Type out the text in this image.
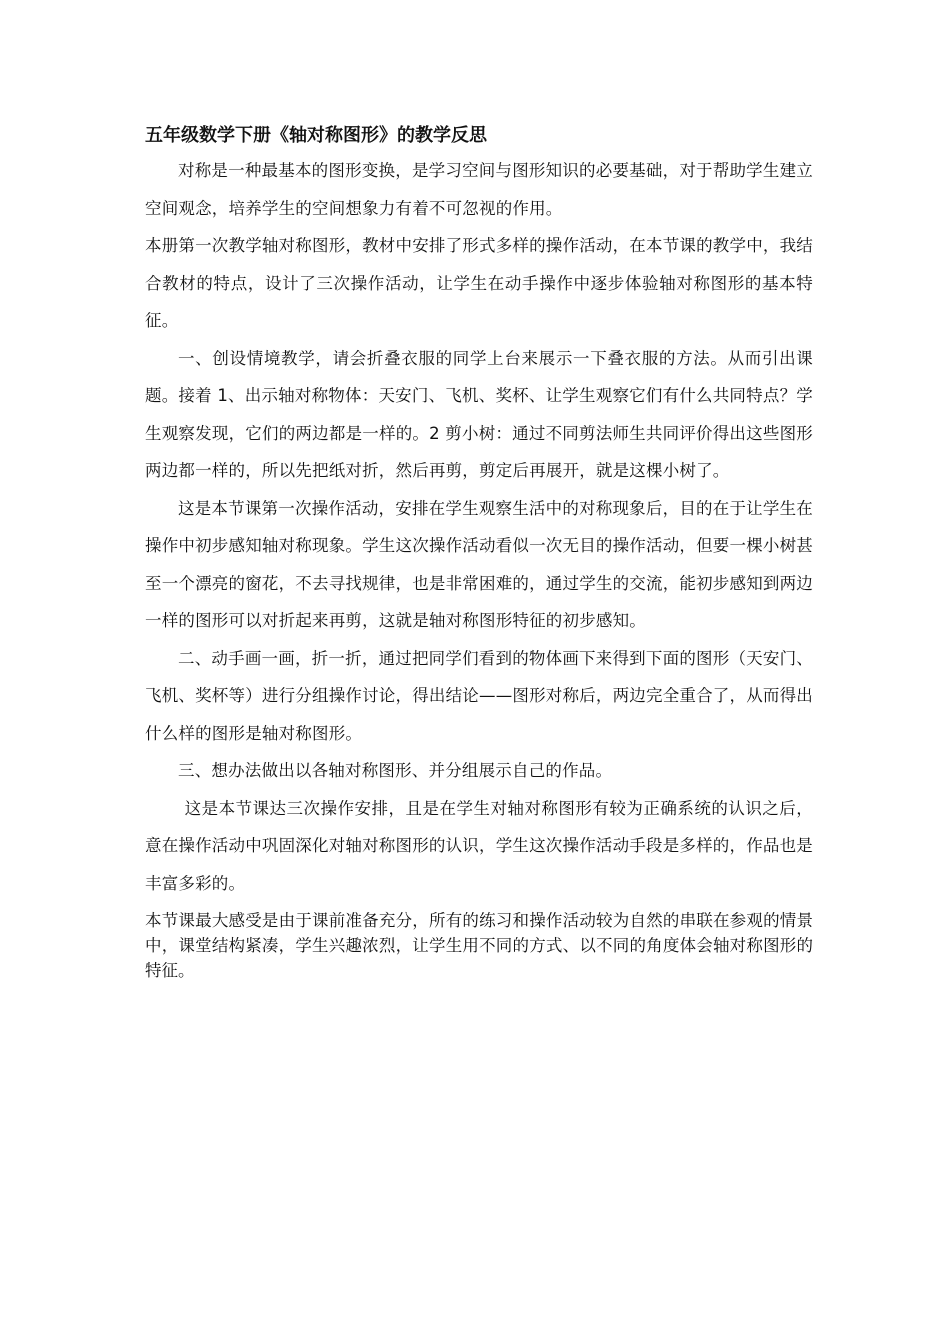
五年级数学下册《轴对称图形》的教学反思

对称是一种最基本的图形变换，是学习空间与图形知识的必要基础，对于帮助学生建立空间观念，培养学生的空间想象力有着不可忽视的作用。

本册第一次教学轴对称图形，教材中安排了形式多样的操作活动，在本节课的教学中，我结合教材的特点，设计了三次操作活动，让学生在动手操作中逐步体验轴对称图形的基本特征。

一、创设情境教学，请会折叠衣服的同学上台来展示一下叠衣服的方法。从而引出课题。接着 1、出示轴对称物体：天安门、飞机、奖杯、让学生观察它们有什么共同特点？学生观察发现，它们的两边都是一样的。2 剪小树：通过不同剪法师生共同评价得出这些图形两边都一样的，所以先把纸对折，然后再剪，剪定后再展开，就是这棵小树了。

这是本节课第一次操作活动，安排在学生观察生活中的对称现象后，目的在于让学生在操作中初步感知轴对称现象。学生这次操作活动看似一次无目的操作活动，但要一棵小树甚至一个漂亮的窗花，不去寻找规律，也是非常困难的，通过学生的交流，能初步感知到两边一样的图形可以对折起来再剪，这就是轴对称图形特征的初步感知。

二、动手画一画，折一折，通过把同学们看到的物体画下来得到下面的图形（天安门、飞机、奖杯等）进行分组操作讨论，得出结论——图形对称后，两边完全重合了，从而得出什么样的图形是轴对称图形。

三、想办法做出以各轴对称图形、并分组展示自己的作品。

这是本节课达三次操作安排，且是在学生对轴对称图形有较为正确系统的认识之后，意在操作活动中巩固深化对轴对称图形的认识，学生这次操作活动手段是多样的，作品也是丰富多彩的。

本节课最大感受是由于课前准备充分，所有的练习和操作活动较为自然的串联在参观的情景中，课堂结构紧凑，学生兴趣浓烈，让学生用不同的方式、以不同的角度体会轴对称图形的特征。
